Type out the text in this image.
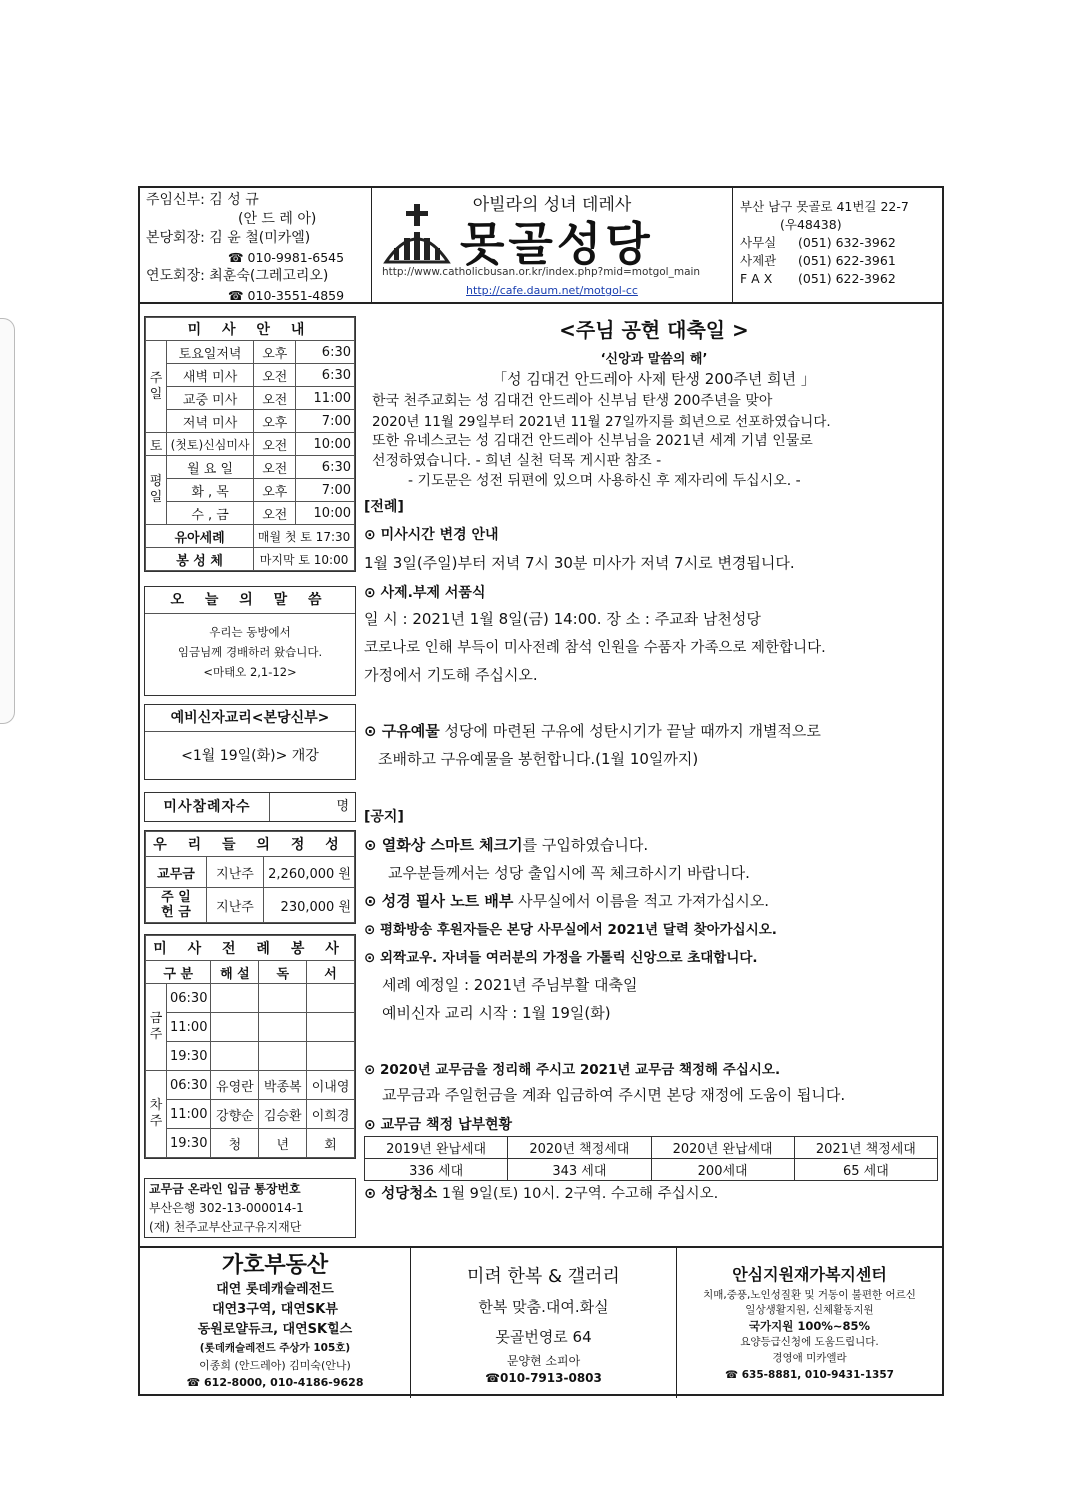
주임신부: 김 성 규
(안 드 레 아)
본당회장: 김 윤 철(미카엘)
☎ 010-9981-6545
연도회장: 최훈숙(그레고리오)
☎ 010-3551-4859
아빌라의 성녀 데레사
못골성당
http://www.catholicbusan.or.kr/index.php?mid=motgol_main
http://cafe.daum.net/motgol-cc
부산 남구 못골로 41번길 22-7
(우48438)
사무실 (051) 632-3962
사제관 (051) 622-3961
F A X (051) 622-3962
미 사 안 내			
주일	토요일저녁	오후	6:30
	새벽 미사	오전	6:30
	교중 미사	오전	11:00
	저녁 미사	오후	7:00
토	(첫토)신심미사	오전	10:00
평일	월 요 일	오전	6:30
	화 , 목	오후	7:00
	수 , 금	오전	10:00
유아세례		매월 첫 토 17:30	
봉 성 체		마지막 토 10:00	
오 늘 의 말 씀
우리는 동방에서
임금님께 경배하러 왔습니다.
<마태오 2,1-12>
예비신자교리<본당신부>
<1월 19일(화)> 개강
미사참례자수	명
우 리 들 의 정 성		
교무금	지난주	2,260,000 원
주 일
헌 금	지난주	230,000 원
미 사 전 례 봉 사				
구 분		해 설	독	서
금주	06:30			
	11:00			
	19:30			
차주	06:30	유영란	박종복	이내영
	11:00	강향순	김승환	이희경
	19:30	청	년	회
교무금 온라인 입금 통장번호
부산은행 302-13-000014-1
(재) 천주교부산교구유지재단
<주님 공현 대축일 >
‘신앙과 말씀의 해’
「성 김대건 안드레아 사제 탄생 200주년 희년 」
한국 천주교회는 성 김대건 안드레아 신부님 탄생 200주년을 맞아
2020년 11월 29일부터 2021년 11월 27일까지를 희년으로 선포하였습니다.
또한 유네스코는 성 김대건 안드레아 신부님을 2021년 세계 기념 인물로
선정하였습니다. - 희년 실천 덕목 게시판 참조 -
- 기도문은 성전 뒤편에 있으며 사용하신 후 제자리에 두십시오. -
[전례]
⊙ 미사시간 변경 안내
1월 3일(주일)부터 저녁 7시 30분 미사가 저녁 7시로 변경됩니다.
⊙ 사제.부제 서품식
일 시 : 2021년 1월 8일(금) 14:00. 장 소 : 주교좌 남천성당
코로나로 인해 부득이 미사전례 참석 인원을 수품자 가족으로 제한합니다.
가정에서 기도해 주십시오.
⊙ 구유예물 성당에 마련된 구유에 성탄시기가 끝날 때까지 개별적으로
조배하고 구유예물을 봉헌합니다.(1월 10일까지)
[공지]
⊙ 열화상 스마트 체크기를 구입하였습니다.
교우분들께서는 성당 출입시에 꼭 체크하시기 바랍니다.
⊙ 성경 필사 노트 배부 사무실에서 이름을 적고 가져가십시오.
⊙ 평화방송 후원자들은 본당 사무실에서 2021년 달력 찾아가십시오.
⊙ 외짝교우. 자녀들 여러분의 가정을 가톨릭 신앙으로 초대합니다.
세례 예정일 : 2021년 주님부활 대축일
예비신자 교리 시작 : 1월 19일(화)
⊙ 2020년 교무금을 정리해 주시고 2021년 교무금 책정해 주십시오.
교무금과 주일헌금을 계좌 입금하여 주시면 본당 재정에 도움이 됩니다.
⊙ 교무금 책정 납부현황
2019년 완납세대	2020년 책정세대	2020년 완납세대	2021년 책정세대
336 세대	343 세대	200세대	65 세대
⊙ 성당청소 1월 9일(토) 10시. 2구역. 수고해 주십시오.
가호부동산
대연 롯데캐슬레전드
대연3구역, 대연SK뷰
동원로얄듀크, 대연SK힐스
(롯데캐슬레전드 주상가 105호)
이종희 (안드레아) 김미숙(안나)
☎ 612-8000, 010-4186-9628
미려 한복 & 갤러리
한복 맞춤.대여.화실
못골번영로 64
문양현 소피아
☎010-7913-0803
안심지원재가복지센터
치매,중풍,노인성질환 및 거동이 불편한 어르신
일상생활지원, 신체활동지원
국가지원 100%~85%
요양등급신청에 도움드립니다.
경영애 미카엘라
☎ 635-8881, 010-9431-1357
